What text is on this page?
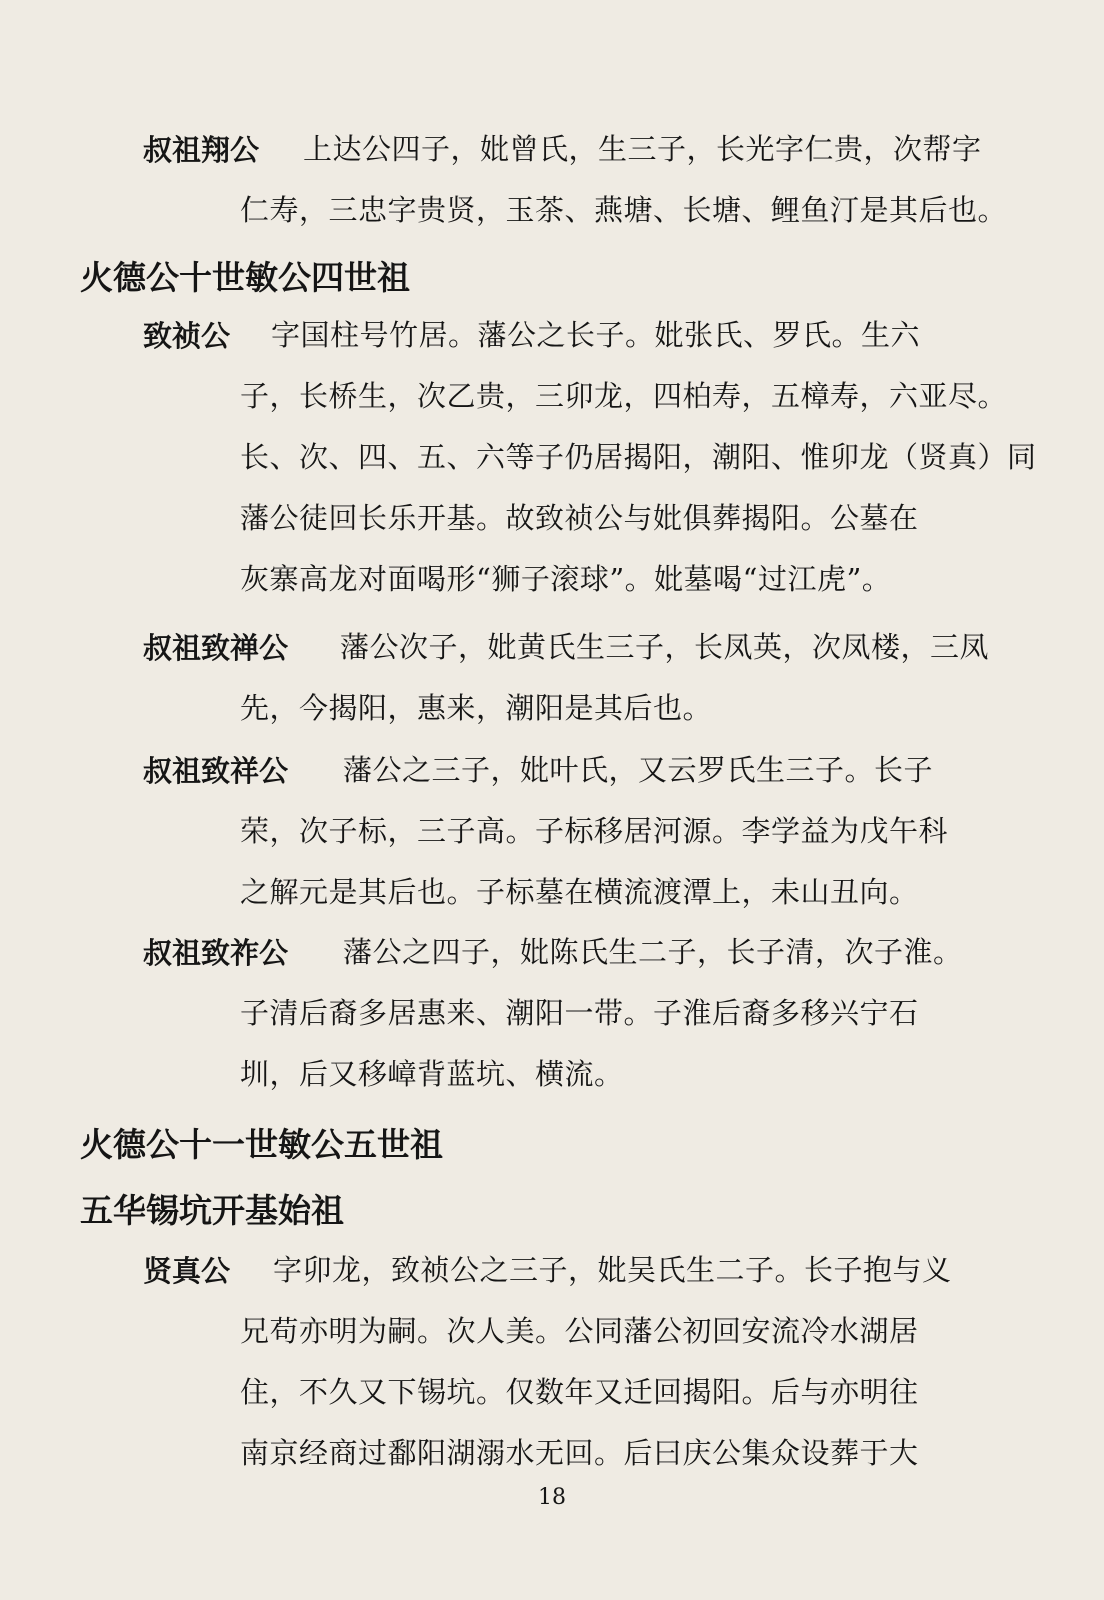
叔祖翔公 上达公四子，妣曾氏，生三子，长光字仁贵，次帮字
仁寿，三忠字贵贤，玉茶、燕塘、长塘、鲤鱼汀是其后也。
火德公十世敏公四世祖
致祯公 字国柱号竹居。藩公之长子。妣张氏、罗氏。生六
子，长桥生，次乙贵，三卯龙，四柏寿，五樟寿，六亚尽。
长、次、四、五、六等子仍居揭阳，潮阳、惟卯龙（贤真）同
藩公徒回长乐开基。故致祯公与妣俱葬揭阳。公墓在
灰寨高龙对面喝形“狮子滚球”。妣墓喝“过江虎”。
叔祖致禅公 藩公次子，妣黄氏生三子，长凤英，次凤楼，三凤
先，今揭阳，惠来，潮阳是其后也。
叔祖致祥公 藩公之三子，妣叶氏，又云罗氏生三子。长子
荣，次子标，三子高。子标移居河源。李学益为戊午科
之解元是其后也。子标墓在横流渡潭上，未山丑向。
叔祖致祚公 藩公之四子，妣陈氏生二子，长子清，次子淮。
子清后裔多居惠来、潮阳一带。子淮后裔多移兴宁石
圳，后又移嶂背蓝坑、横流。
火德公十一世敏公五世祖
五华锡坑开基始祖
贤真公 字卯龙，致祯公之三子，妣吴氏生二子。长子抱与义
兄苟亦明为嗣。次人美。公同藩公初回安流冷水湖居
住，不久又下锡坑。仅数年又迁回揭阳。后与亦明往
南京经商过鄱阳湖溺水无回。后曰庆公集众设葬于大
18
